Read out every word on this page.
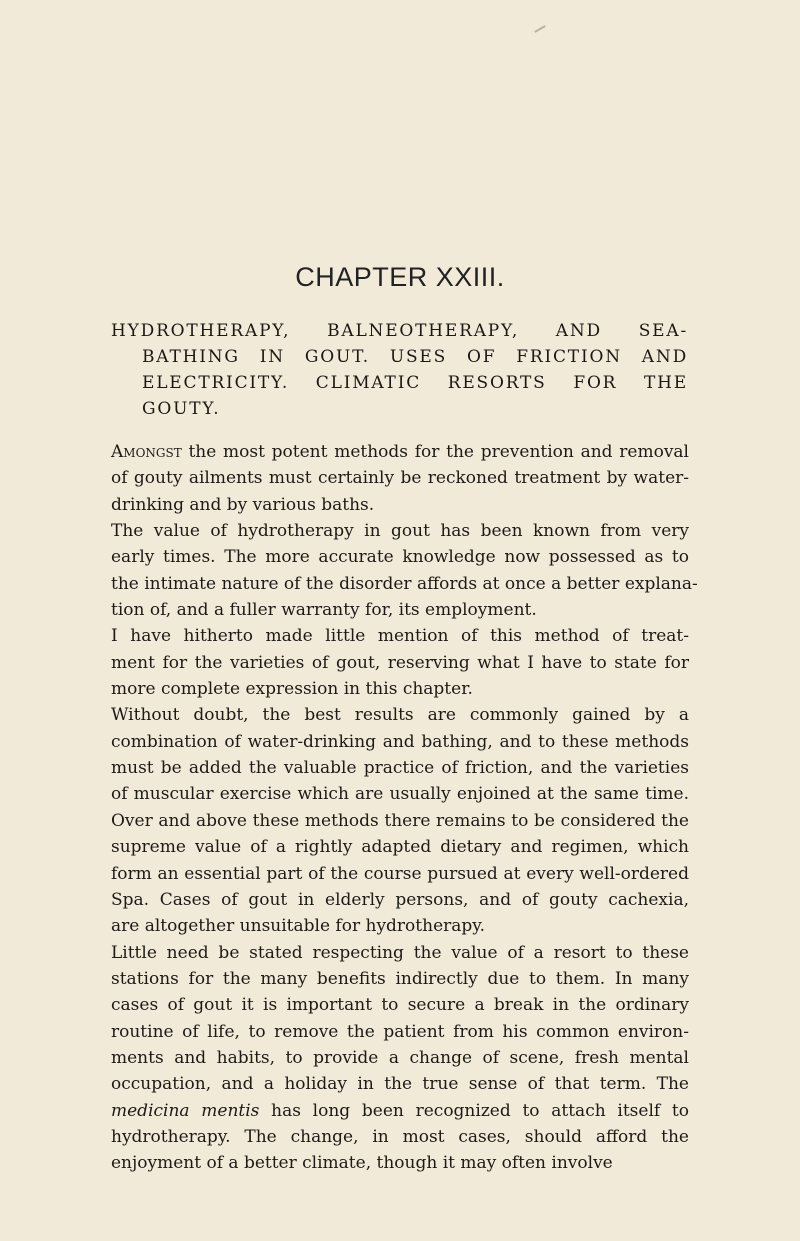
CHAPTER XXIII.
HYDROTHERAPY, BALNEOTHERAPY, AND SEA-
BATHING IN GOUT. USES OF FRICTION AND
ELECTRICITY. CLIMATIC RESORTS FOR THE
GOUTY.
Amongst the most potent methods for the prevention and removal
of gouty ailments must certainly be reckoned treatment by water-
drinking and by various baths.
The value of hydrotherapy in gout has been known from very
early times. The more accurate knowledge now possessed as to
the intimate nature of the disorder affords at once a better explana-
tion of, and a fuller warranty for, its employment.
I have hitherto made little mention of this method of treat-
ment for the varieties of gout, reserving what I have to state for
more complete expression in this chapter.
Without doubt, the best results are commonly gained by a
combination of water-drinking and bathing, and to these methods
must be added the valuable practice of friction, and the varieties
of muscular exercise which are usually enjoined at the same time.
Over and above these methods there remains to be considered the
supreme value of a rightly adapted dietary and regimen, which
form an essential part of the course pursued at every well-ordered
Spa. Cases of gout in elderly persons, and of gouty cachexia,
are altogether unsuitable for hydrotherapy.
Little need be stated respecting the value of a resort to these
stations for the many benefits indirectly due to them. In many
cases of gout it is important to secure a break in the ordinary
routine of life, to remove the patient from his common environ-
ments and habits, to provide a change of scene, fresh mental
occupation, and a holiday in the true sense of that term. The
medicina mentis has long been recognized to attach itself to
hydrotherapy. The change, in most cases, should afford the
enjoyment of a better climate, though it may often involve
